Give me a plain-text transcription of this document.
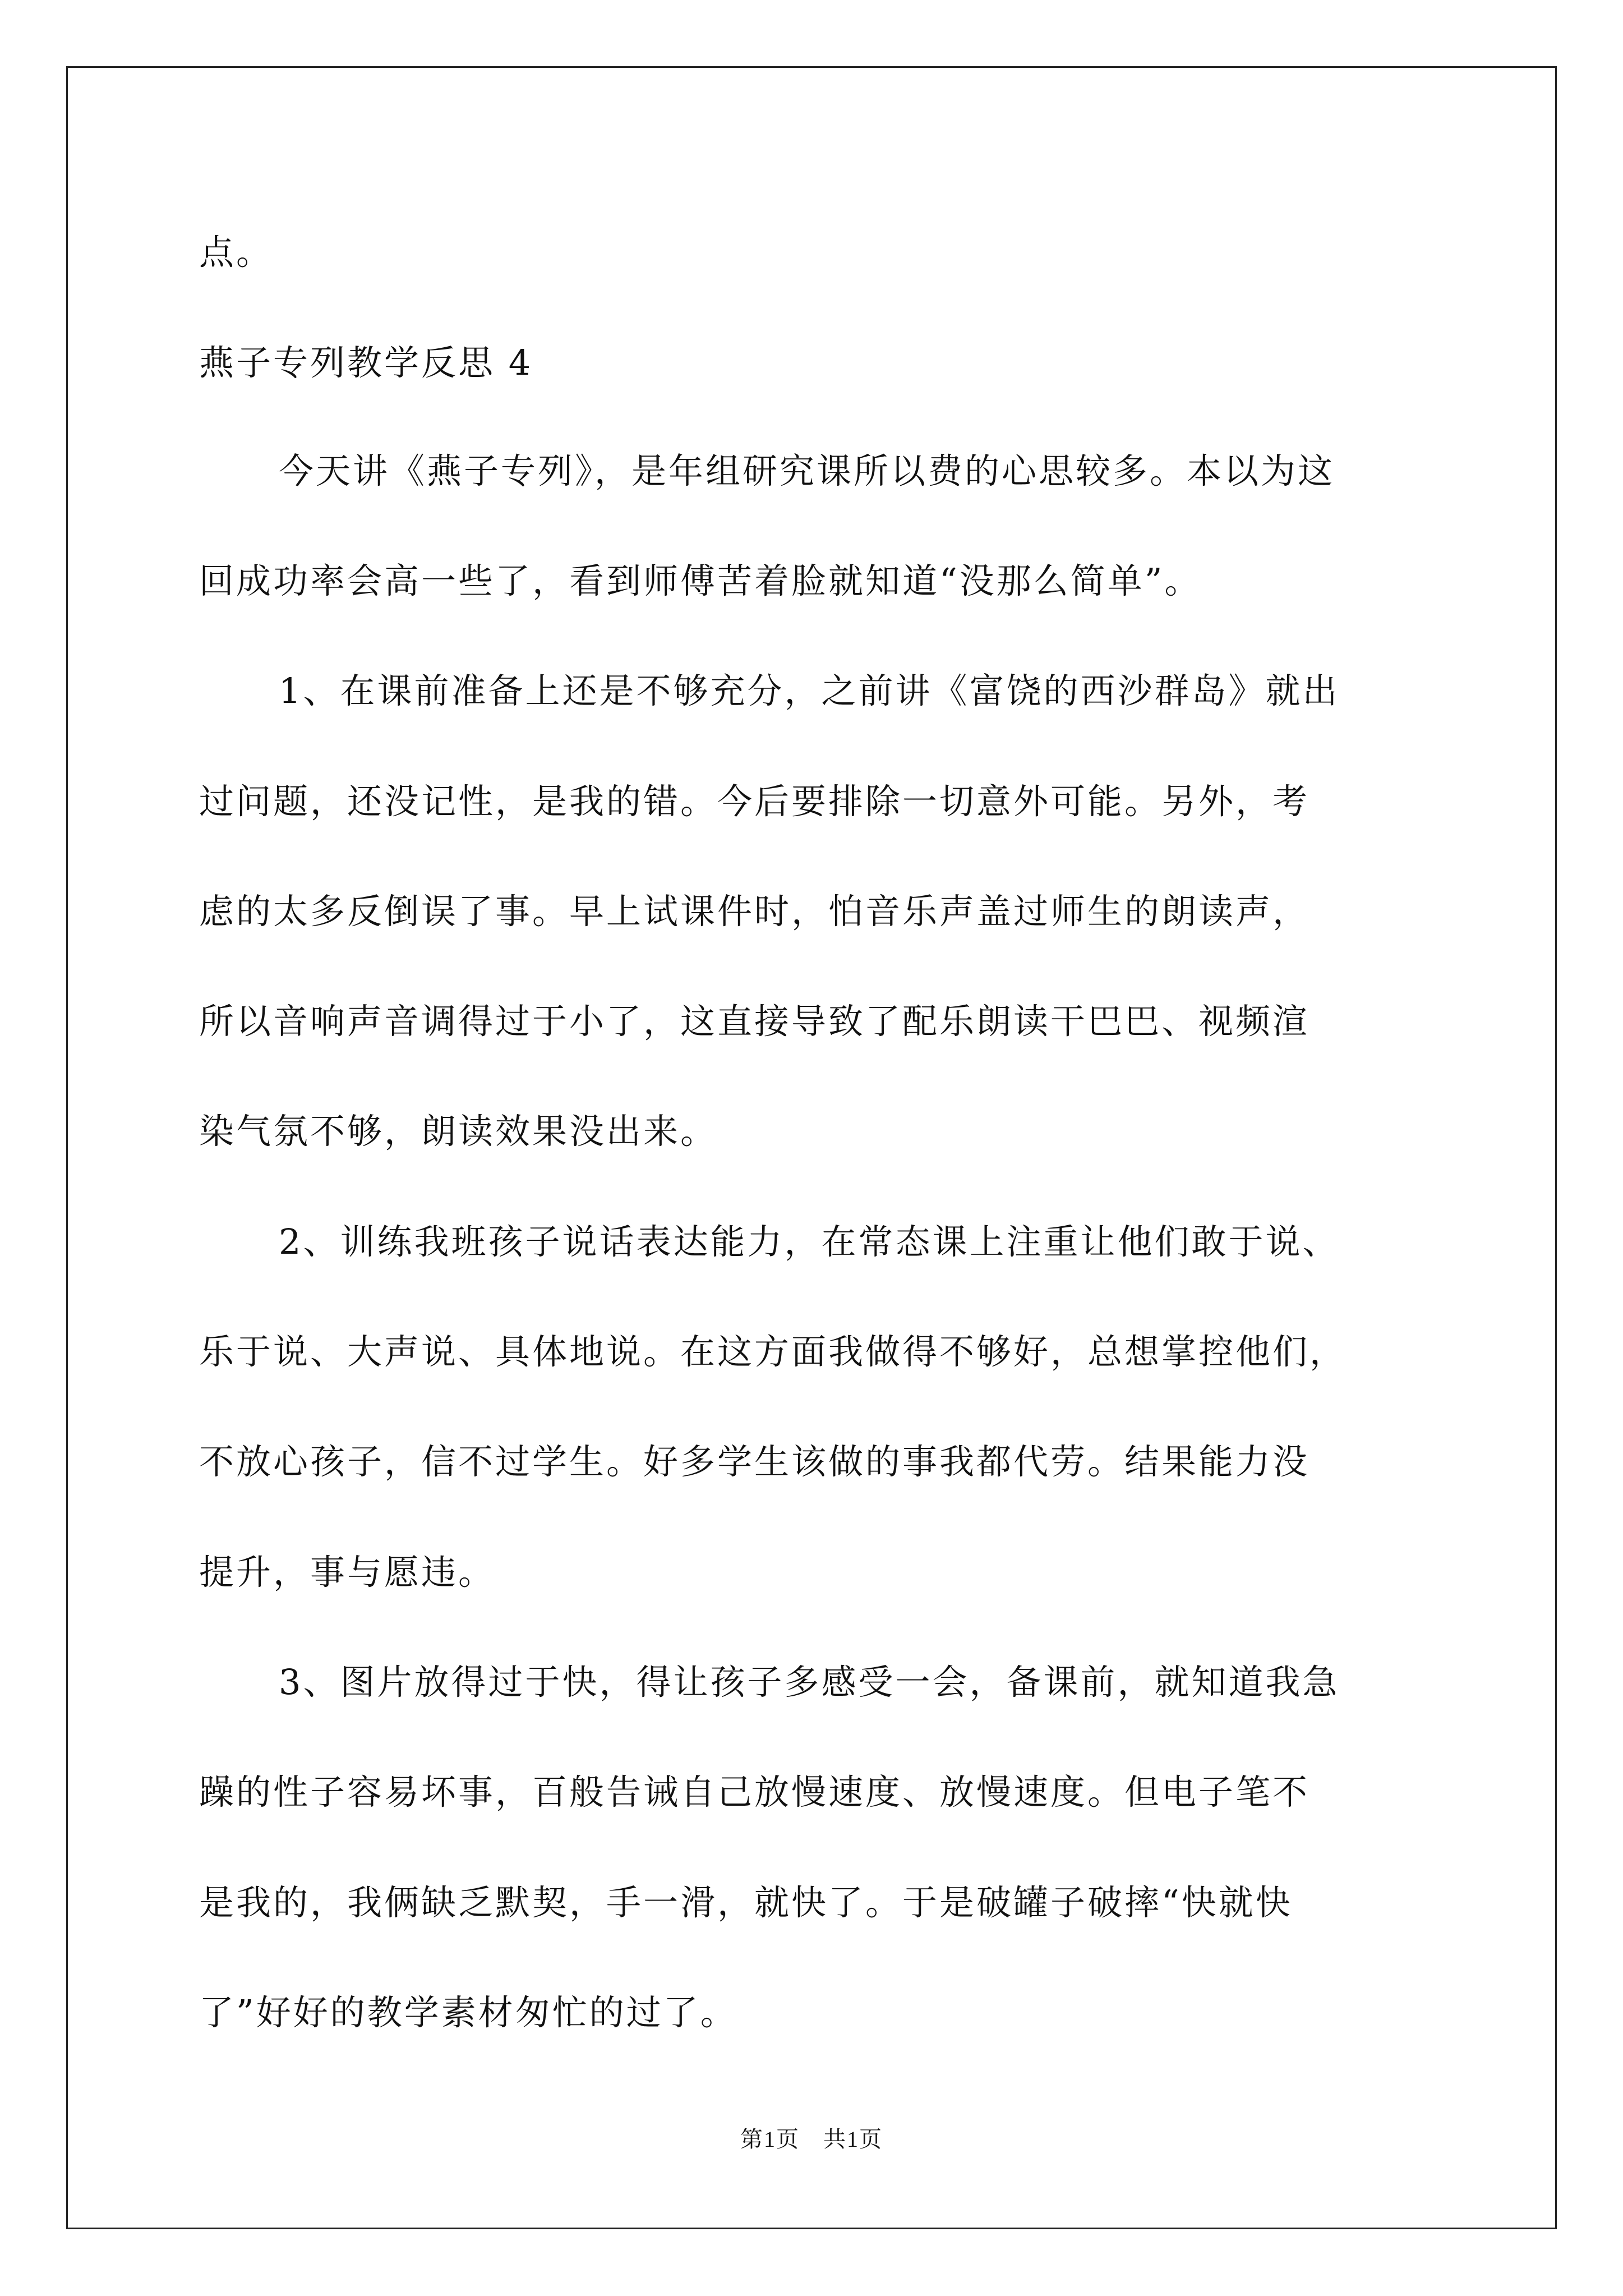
点。
燕子专列教学反思 4
今天讲《燕子专列》，是年组研究课所以费的心思较多。本以为这
回成功率会高一些了，看到师傅苦着脸就知道“没那么简单”。
1、在课前准备上还是不够充分，之前讲《富饶的西沙群岛》就出
过问题，还没记性，是我的错。今后要排除一切意外可能。另外，考
虑的太多反倒误了事。早上试课件时，怕音乐声盖过师生的朗读声，
所以音响声音调得过于小了，这直接导致了配乐朗读干巴巴、视频渲
染气氛不够，朗读效果没出来。
2、训练我班孩子说话表达能力，在常态课上注重让他们敢于说、
乐于说、大声说、具体地说。在这方面我做得不够好，总想掌控他们，
不放心孩子，信不过学生。好多学生该做的事我都代劳。结果能力没
提升，事与愿违。
3、图片放得过于快，得让孩子多感受一会，备课前，就知道我急
躁的性子容易坏事，百般告诫自己放慢速度、放慢速度。但电子笔不
是我的，我俩缺乏默契，手一滑，就快了。于是破罐子破摔“快就快
了”好好的教学素材匆忙的过了。
第1页　共1页
